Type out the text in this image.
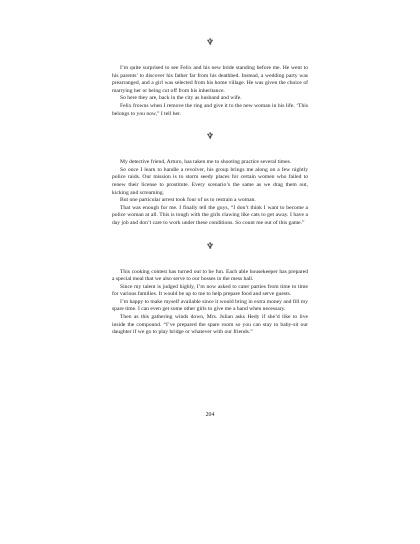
♆

I’m quite surprised to see Felix and his new bride standing before me. He went to his parents’ to discover his father far from his deathbed. Instead, a wedding party was prearranged, and a girl was selected from his home village. He was given the choice of marrying her or being cut off from his inheritance.

So here they are, back in the city as husband and wife.

Felix frowns when I remove the ring and give it to the new woman in his life. ‘This belongs to you now,” I tell her.

♆

My detective friend, Arturo, has taken me to shooting practice several times.

So once I learn to handle a revolver, his group brings me along on a few nightly police raids. Our mission is to storm seedy places for certain women who failed to renew their license to prostitute. Every scenario’s the same as we drag them out, kicking and screaming.

But one particular arrest took four of us to restrain a woman.

That was enough for me. I finally tell the guys, “I don’t think I want to become a police woman at all. This is tough with the girls clawing like cats to get away. I have a day job and don’t care to work under these conditions. So count me out of this game.”

♆

This cooking contest has turned out to be fun. Each able housekeeper has prepared a special meal that we also serve to our bosses in the mess hall.

Since my talent is judged highly, I’m now asked to cater parties from time to time for various families. It would be up to me to help prepare food and serve guests.

I’m happy to make myself available since it would bring in extra money and fill my spare time. I can even get some other girls to give me a hand when necessary.

Then as this gathering winds down, Mrs. Julian asks Hedy if she’d like to live inside the compound. “I’ve prepared the spare room so you can stay to baby-sit our daughter if we go to play bridge or whatever with our friends.”

204
